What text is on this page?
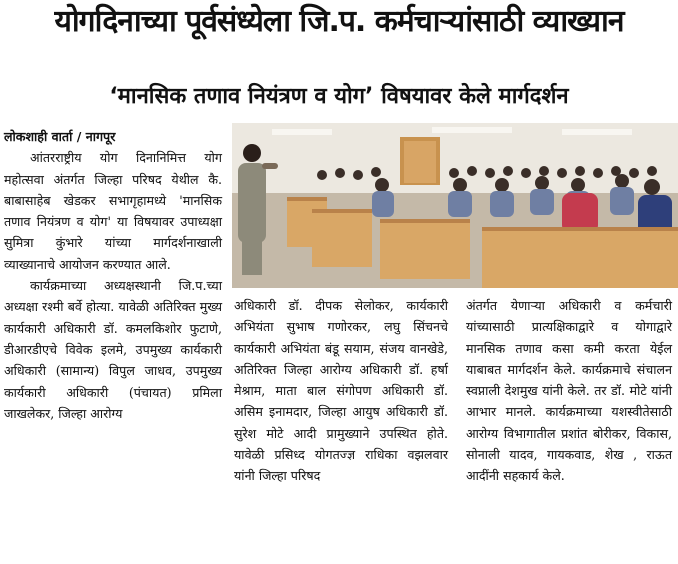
योगदिनाच्या पूर्वसंध्येला जि.प. कर्मचाऱ्यांसाठी व्याख्यान
‘मानसिक तणाव नियंत्रण व योग’ विषयावर केले मार्गदर्शन

लोकशाही वार्ता / नागपूर

आंतरराष्ट्रीय योग दिनानिमित्त योग महोत्सवा अंतर्गत जिल्हा परिषद येथील कै. बाबासाहेब खेडकर सभागृहामध्ये 'मानसिक तणाव नियंत्रण व योग' या विषयावर उपाध्यक्षा सुमित्रा कुंभारे यांच्या मार्गदर्शनाखाली व्याख्यानाचे आयोजन करण्यात आले.

कार्यक्रमाच्या अध्यक्षस्थानी जि.प.च्या अध्यक्षा रश्मी बर्वे होत्या. यावेळी अतिरिक्त मुख्य कार्यकारी अधिकारी डॉ. कमलकिशोर फुटाणे, डीआरडीएचे विवेक इलमे, उपमुख्य कार्यकारी अधिकारी (सामान्य) विपुल जाधव, उपमुख्य कार्यकारी अधिकारी (पंचायत) प्रमिला जाखलेकर, जिल्हा आरोग्य

अधिकारी डॉ. दीपक सेलोकर, कार्यकारी अभियंता सुभाष गणोरकर, लघु सिंचनचे कार्यकारी अभियंता बंडू सयाम, संजय वानखेडे, अतिरिक्त जिल्हा आरोग्य अधिकारी डॉ. हर्षा मेश्राम, माता बाल संगोपण अधिकारी डॉ. असिम इनामदार, जिल्हा आयुष अधिकारी डॉ. सुरेश मोटे आदी प्रामुख्याने उपस्थित होते. यावेळी प्रसिध्द योगतज्ज्ञ राधिका वझलवार यांनी जिल्हा परिषद

अंतर्गत येणाऱ्या अधिकारी व कर्मचारी यांच्यासाठी प्रात्यक्षिकाद्वारे व योगाद्वारे मानसिक तणाव कसा कमी करता येईल याबाबत मार्गदर्शन केले. कार्यक्रमाचे संचालन स्वप्नाली देशमुख यांनी केले. तर डॉ. मोटे यांनी आभार मानले. कार्यक्रमाच्या यशस्वीतेसाठी आरोग्य विभागातील प्रशांत बोरीकर, विकास, सोनाली यादव, गायकवाड, शेख , राऊत आदींनी सहकार्य केले.
